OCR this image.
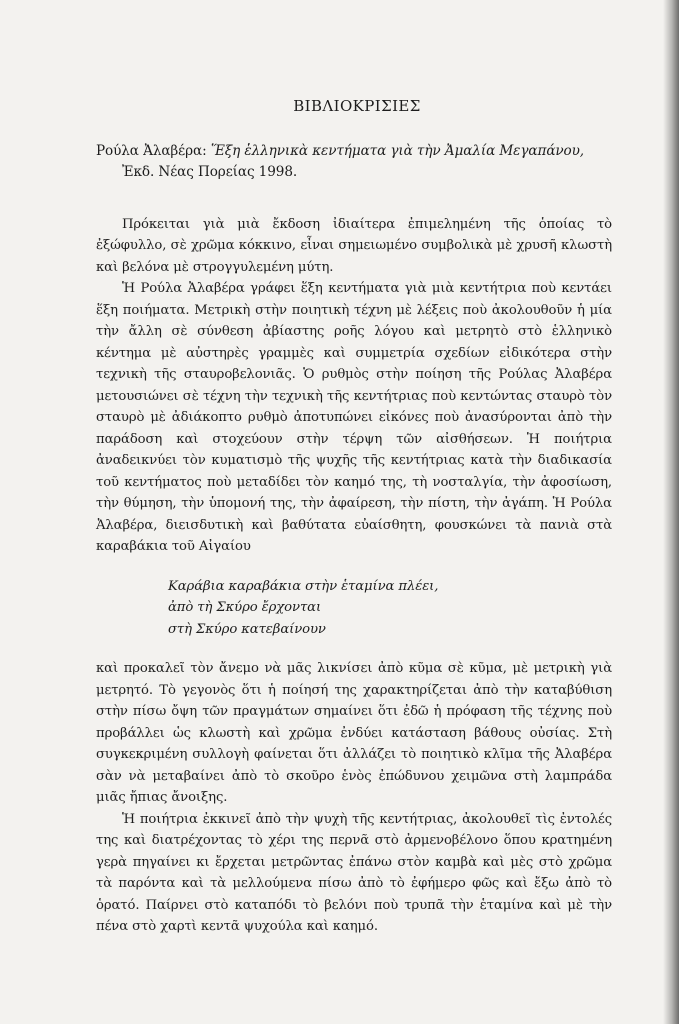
ΒΙΒΛΙΟΚΡΙΣΙΕΣ

Ρούλα Ἀλαβέρα: Ἕξη ἑλληνικὰ κεντήματα γιὰ τὴν Ἀμαλία Μεγαπάνου,
Ἐκδ. Νέας Πορείας 1998.

Πρόκειται γιὰ μιὰ ἔκδοση ἰδιαίτερα ἐπιμελημένη τῆς ὁποίας τὸ ἐξώφυλλο, σὲ χρῶμα κόκκινο, εἶναι σημειωμένο συμβολικὰ μὲ χρυσῆ κλωστὴ καὶ βελόνα μὲ στρογγυλεμένη μύτη.

Ἡ Ρούλα Ἀλαβέρα γράφει ἕξη κεντήματα γιὰ μιὰ κεντήτρια ποὺ κεντάει ἕξη ποιήματα. Μετρικὴ στὴν ποιητικὴ τέχνη μὲ λέξεις ποὺ ἀκολουθοῦν ἡ μία τὴν ἄλλη σὲ σύνθεση ἀβίαστης ροῆς λόγου καὶ μετρητὸ στὸ ἑλληνικὸ κέντημα μὲ αὐστηρὲς γραμμὲς καὶ συμμετρία σχεδίων εἰδικότερα στὴν τεχνικὴ τῆς σταυροβελονιᾶς. Ὁ ρυθμὸς στὴν ποίηση τῆς Ρούλας Ἀλαβέρα μετουσιώνει σὲ τέχνη τὴν τεχνικὴ τῆς κεντήτριας ποὺ κεντώντας σταυρὸ τὸν σταυρὸ μὲ ἀδιάκοπτο ρυθμὸ ἀποτυπώνει εἰκόνες ποὺ ἀνασύρονται ἀπὸ τὴν παράδοση καὶ στοχεύουν στὴν τέρψη τῶν αἰσθήσεων. Ἡ ποιήτρια ἀναδεικνύει τὸν κυματισμὸ τῆς ψυχῆς τῆς κεντήτριας κατὰ τὴν διαδικασία τοῦ κεντήματος ποὺ μεταδίδει τὸν καημό της, τὴ νοσταλγία, τὴν ἀφοσίωση, τὴν θύμηση, τὴν ὑπομονή της, τὴν ἀφαίρεση, τὴν πίστη, τὴν ἀγάπη. Ἡ Ρούλα Ἀλαβέρα, διεισδυτικὴ καὶ βαθύτατα εὐαίσθητη, φουσκώνει τὰ πανιὰ στὰ καραβάκια τοῦ Αἰγαίου

Καράβια καραβάκια στὴν ἑταμίνα πλέει,
ἀπὸ τὴ Σκύρο ἔρχονται
στὴ Σκύρο κατεβαίνουν

καὶ προκαλεῖ τὸν ἄνεμο νὰ μᾶς λικνίσει ἀπὸ κῦμα σὲ κῦμα, μὲ μετρικὴ γιὰ μετρητό. Τὸ γεγονὸς ὅτι ἡ ποίησή της χαρακτηρίζεται ἀπὸ τὴν καταβύθιση στὴν πίσω ὄψη τῶν πραγμάτων σημαίνει ὅτι ἐδῶ ἡ πρόφαση τῆς τέχνης ποὺ προβάλλει ὡς κλωστὴ καὶ χρῶμα ἐνδύει κατάσταση βάθους οὐσίας. Στὴ συγκεκριμένη συλλογὴ φαίνεται ὅτι ἀλλάζει τὸ ποιητικὸ κλῖμα τῆς Ἀλαβέρα σὰν νὰ μεταβαίνει ἀπὸ τὸ σκοῦρο ἑνὸς ἐπώδυνου χειμῶνα στὴ λαμπράδα μιᾶς ἤπιας ἄνοιξης.

Ἡ ποιήτρια ἐκκινεῖ ἀπὸ τὴν ψυχὴ τῆς κεντήτριας, ἀκολουθεῖ τὶς ἐντολές της καὶ διατρέχοντας τὸ χέρι της περνᾶ στὸ ἀρμενοβέλονο ὅπου κρατημένη γερὰ πηγαίνει κι ἔρχεται μετρῶντας ἐπάνω στὸν καμβὰ καὶ μὲς στὸ χρῶμα τὰ παρόντα καὶ τὰ μελλούμενα πίσω ἀπὸ τὸ ἐφήμερο φῶς καὶ ἔξω ἀπὸ τὸ ὁρατό. Παίρνει στὸ καταπόδι τὸ βελόνι ποὺ τρυπᾶ τὴν ἑταμίνα καὶ μὲ τὴν πένα στὸ χαρτὶ κεντᾶ ψυχούλα καὶ καημό.
